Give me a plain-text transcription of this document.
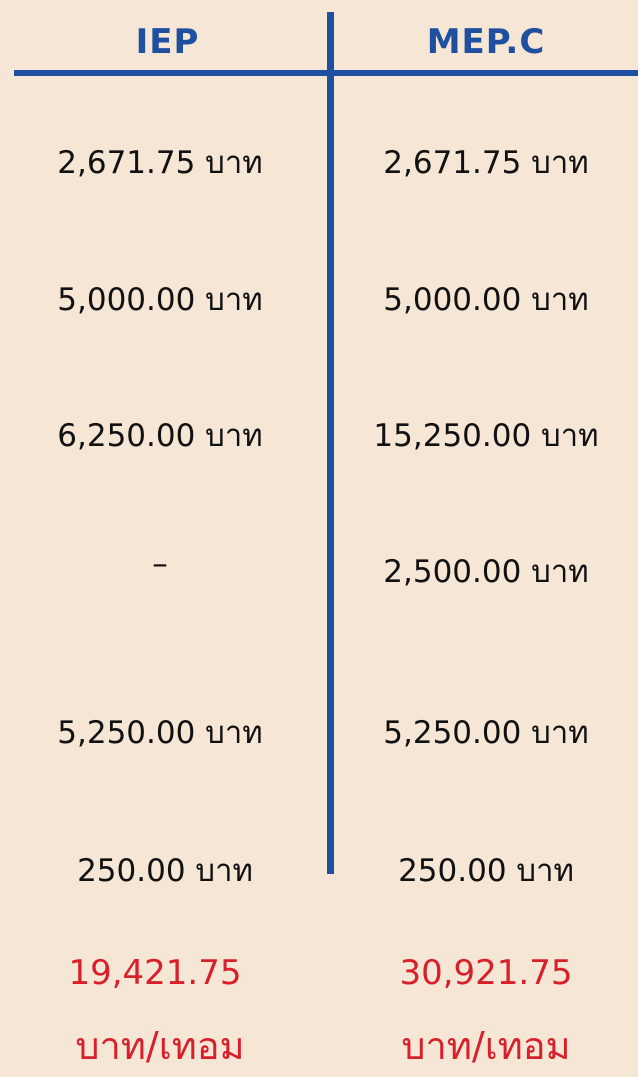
IEP
2,671.75 บาท
5,000.00 บาท
6,250.00 บาท
–
5,250.00 บาท
250.00 บาท
19,421.75
บาท/เทอม
MEP.C
2,671.75 บาท
5,000.00 บาท
15,250.00 บาท
2,500.00 บาท
5,250.00 บาท
250.00 บาท
30,921.75
บาท/เทอม
